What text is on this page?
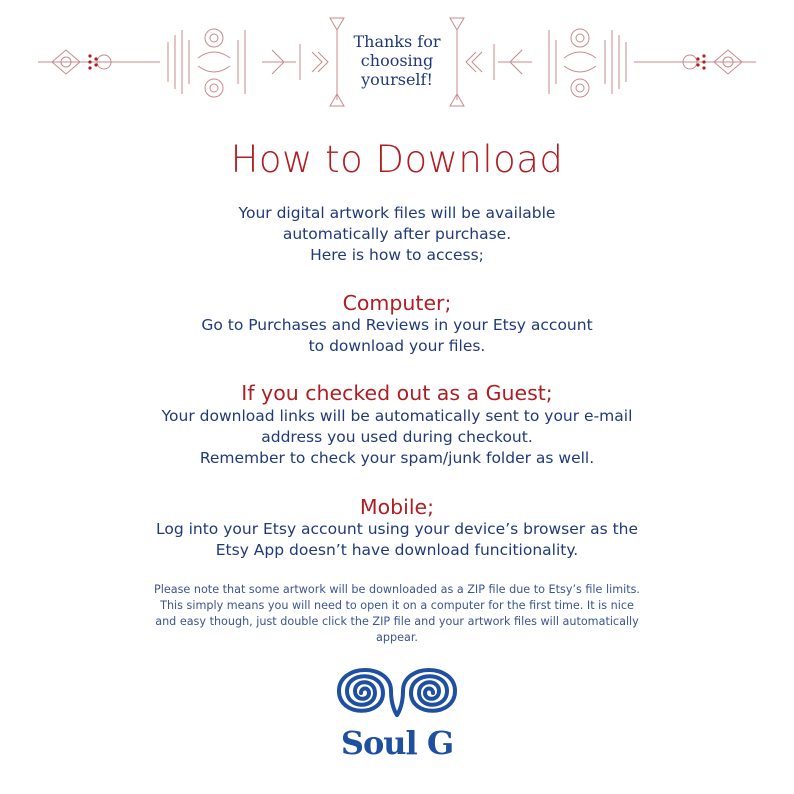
Thanks for
choosing
yourself!
How to Download
Your digital artwork files will be available
automatically after purchase.
Here is how to access;
Computer;
Go to Purchases and Reviews in your Etsy account
to download your files.
If you checked out as a Guest;
Your download links will be automatically sent to your e-mail
address you used during checkout.
Remember to check your spam/junk folder as well.
Mobile;
Log into your Etsy account using your device’s browser as the
Etsy App doesn’t have download funcitionality.
Please note that some artwork will be downloaded as a ZIP file due to Etsy’s file limits.
This simply means you will need to open it on a computer for the first time. It is nice
and easy though, just double click the ZIP file and your artwork files will automatically
appear.
Soul G
